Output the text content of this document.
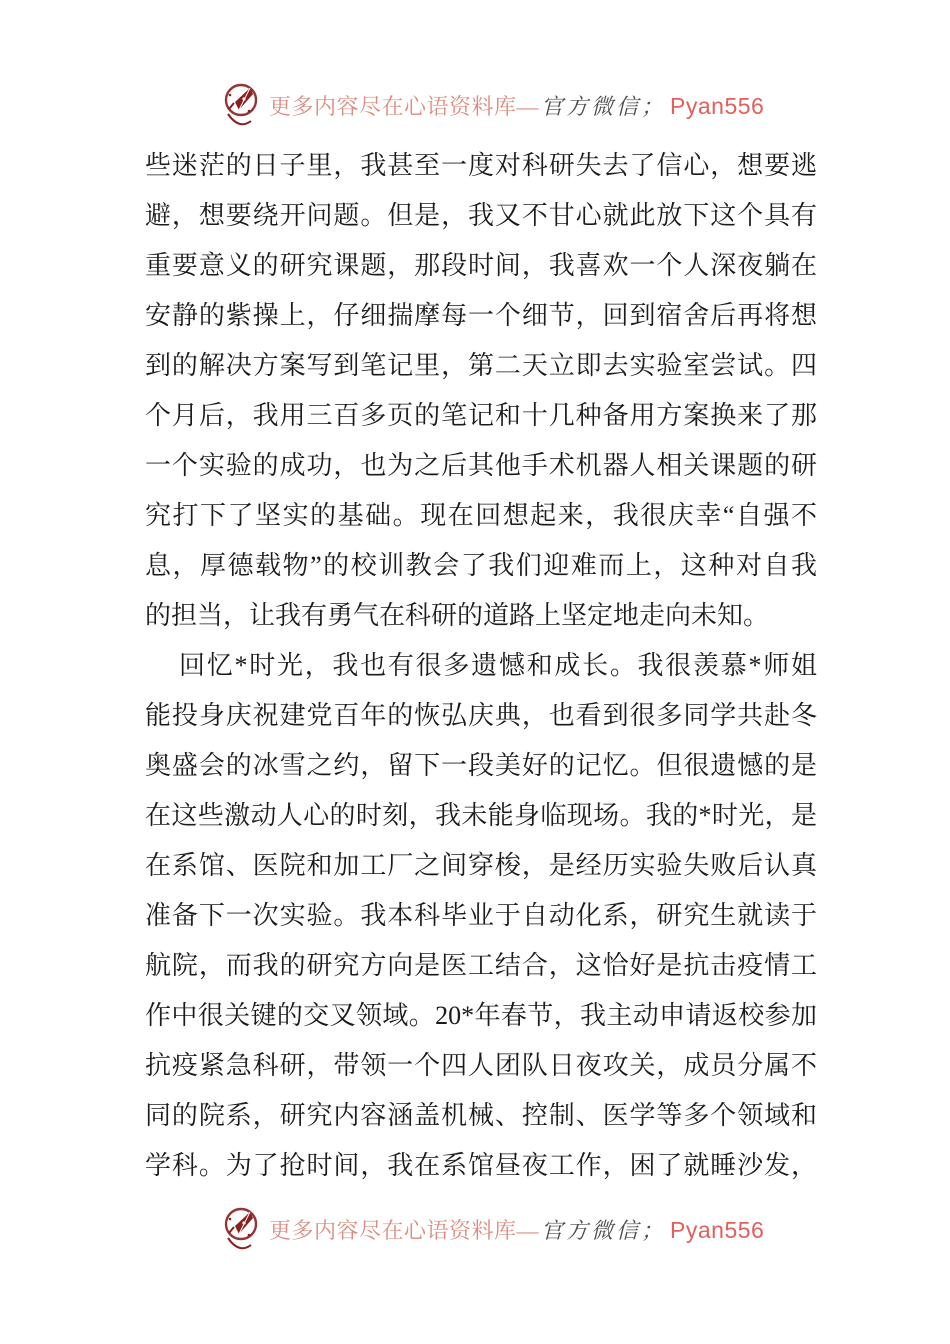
更多内容尽在心语资料库— 官方微信； Pyan556
些迷茫的日子里，我甚至一度对科研失去了信心，想要逃
避，想要绕开问题。但是，我又不甘心就此放下这个具有
重要意义的研究课题，那段时间，我喜欢一个人深夜躺在
安静的紫操上，仔细揣摩每一个细节，回到宿舍后再将想
到的解决方案写到笔记里，第二天立即去实验室尝试。四
个月后，我用三百多页的笔记和十几种备用方案换来了那
一个实验的成功，也为之后其他手术机器人相关课题的研
究打下了坚实的基础。现在回想起来，我很庆幸“自强不
息，厚德载物”的校训教会了我们迎难而上，这种对自我
的担当，让我有勇气在科研的道路上坚定地走向未知。
回忆*时光，我也有很多遗憾和成长。我很羡慕*师姐
能投身庆祝建党百年的恢弘庆典，也看到很多同学共赴冬
奥盛会的冰雪之约，留下一段美好的记忆。但很遗憾的是
在这些激动人心的时刻，我未能身临现场。我的*时光，是
在系馆、医院和加工厂之间穿梭，是经历实验失败后认真
准备下一次实验。我本科毕业于自动化系，研究生就读于
航院，而我的研究方向是医工结合，这恰好是抗击疫情工
作中很关键的交叉领域。20*年春节，我主动申请返校参加
抗疫紧急科研，带领一个四人团队日夜攻关，成员分属不
同的院系，研究内容涵盖机械、控制、医学等多个领域和
学科。为了抢时间，我在系馆昼夜工作，困了就睡沙发，
更多内容尽在心语资料库— 官方微信； Pyan556
